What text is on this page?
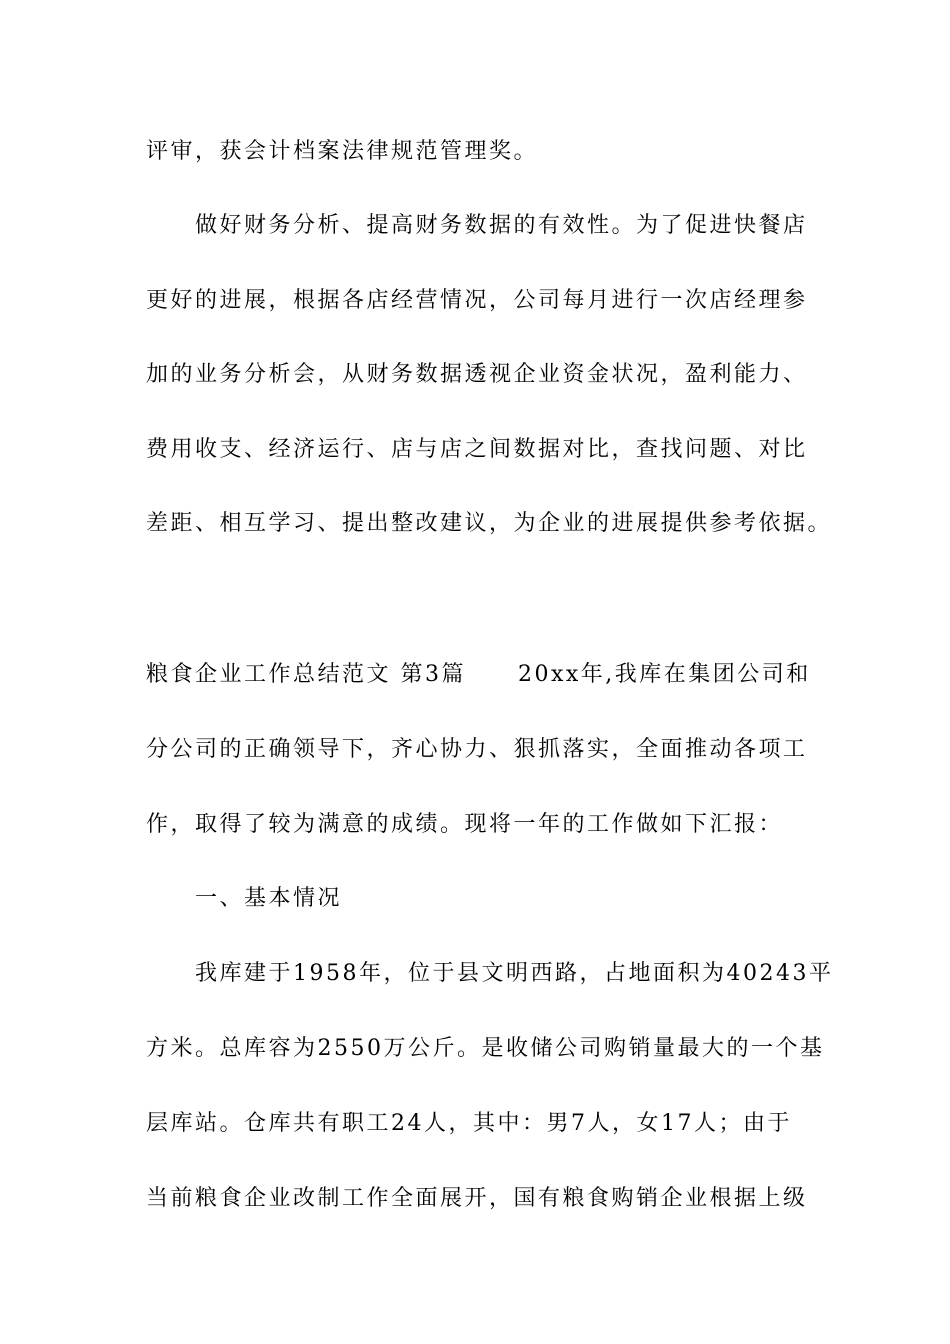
评审，获会计档案法律规范管理奖。

做好财务分析、提高财务数据的有效性。为了促进快餐店

更好的进展，根据各店经营情况，公司每月进行一次店经理参

加的业务分析会，从财务数据透视企业资金状况，盈利能力、

费用收支、经济运行、店与店之间数据对比，查找问题、对比

差距、相互学习、提出整改建议，为企业的进展提供参考依据。

粮食企业工作总结范文 第3篇 20xx年,我库在集团公司和

分公司的正确领导下，齐心协力、狠抓落实，全面推动各项工

作，取得了较为满意的成绩。现将一年的工作做如下汇报：

一、基本情况

我库建于1958年，位于县文明西路，占地面积为40243平

方米。总库容为2550万公斤。是收储公司购销量最大的一个基

层库站。仓库共有职工24人，其中：男7人，女17人；由于

当前粮食企业改制工作全面展开，国有粮食购销企业根据上级
